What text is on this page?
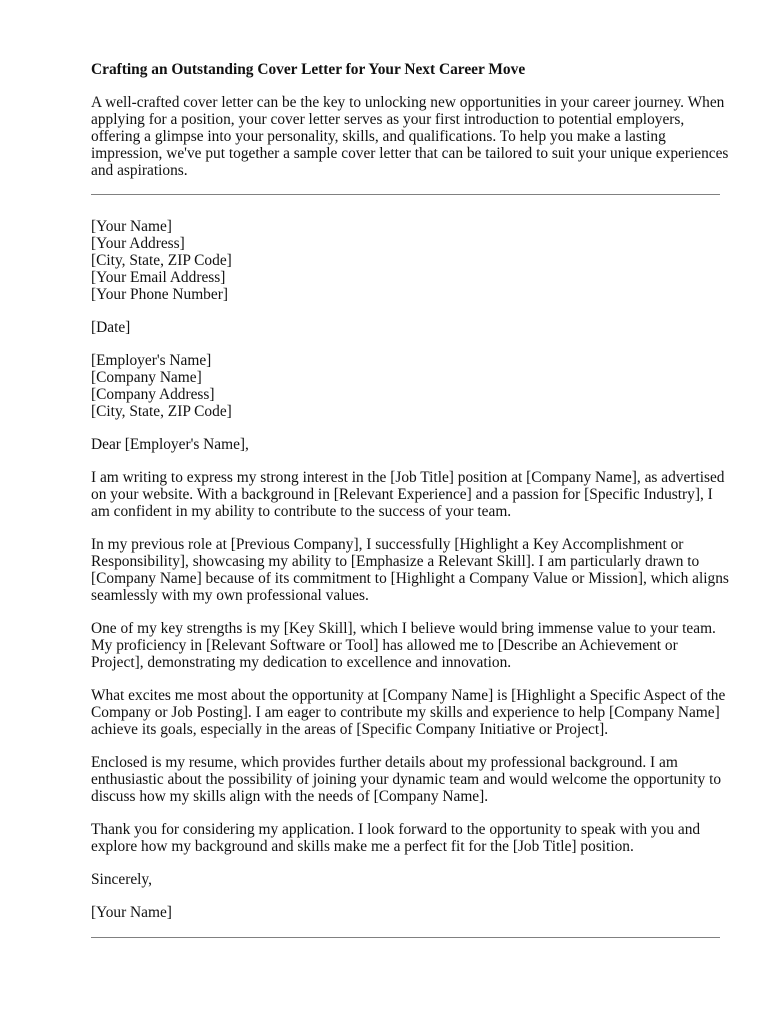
Crafting an Outstanding Cover Letter for Your Next Career Move

A well-crafted cover letter can be the key to unlocking new opportunities in your career journey. When applying for a position, your cover letter serves as your first introduction to potential employers, offering a glimpse into your personality, skills, and qualifications. To help you make a lasting impression, we've put together a sample cover letter that can be tailored to suit your unique experiences and aspirations.

[Your Name]
[Your Address]
[City, State, ZIP Code]
[Your Email Address]
[Your Phone Number]

[Date]

[Employer's Name]
[Company Name]
[Company Address]
[City, State, ZIP Code]

Dear [Employer's Name],

I am writing to express my strong interest in the [Job Title] position at [Company Name], as advertised on your website. With a background in [Relevant Experience] and a passion for [Specific Industry], I am confident in my ability to contribute to the success of your team.

In my previous role at [Previous Company], I successfully [Highlight a Key Accomplishment or Responsibility], showcasing my ability to [Emphasize a Relevant Skill]. I am particularly drawn to [Company Name] because of its commitment to [Highlight a Company Value or Mission], which aligns seamlessly with my own professional values.

One of my key strengths is my [Key Skill], which I believe would bring immense value to your team. My proficiency in [Relevant Software or Tool] has allowed me to [Describe an Achievement or Project], demonstrating my dedication to excellence and innovation.

What excites me most about the opportunity at [Company Name] is [Highlight a Specific Aspect of the Company or Job Posting]. I am eager to contribute my skills and experience to help [Company Name] achieve its goals, especially in the areas of [Specific Company Initiative or Project].

Enclosed is my resume, which provides further details about my professional background. I am enthusiastic about the possibility of joining your dynamic team and would welcome the opportunity to discuss how my skills align with the needs of [Company Name].

Thank you for considering my application. I look forward to the opportunity to speak with you and explore how my background and skills make me a perfect fit for the [Job Title] position.

Sincerely,

[Your Name]
